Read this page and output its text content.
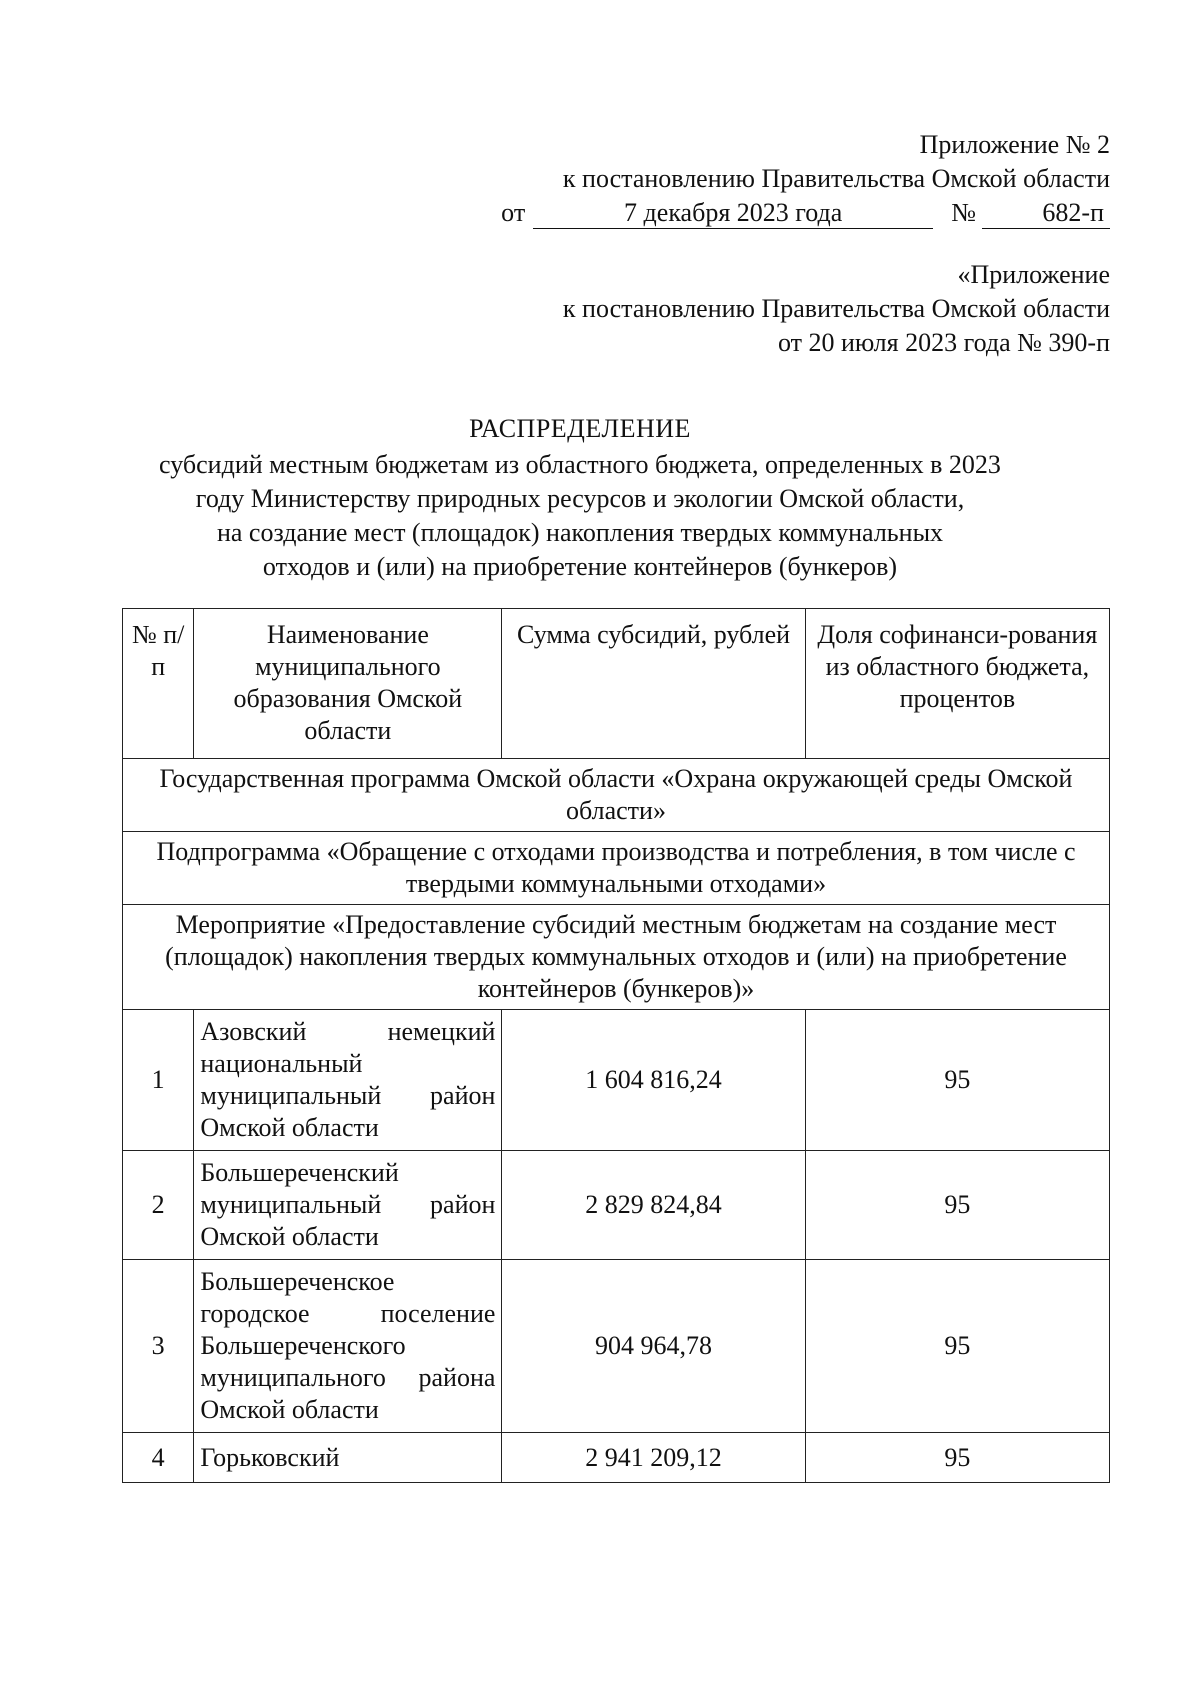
Приложение № 2
к постановлению Правительства Омской области
от	7 декабря 2023 года	№	682-п
«Приложение
к постановлению Правительства Омской области
от 20 июля 2023 года № 390-п
РАСПРЕДЕЛЕНИЕ
субсидий местным бюджетам из областного бюджета, определенных в 2023
году Министерству природных ресурсов и экологии Омской области,
на создание мест (площадок) накопления твердых коммунальных
отходов и (или) на приобретение контейнеров (бункеров)
№ п/п	Наименование муниципального образования Омской области	Сумма субсидий, рублей	Доля софинанси-рования из областного бюджета, процентов
Государственная программа Омской области «Охрана окружающей среды Омской области»			
Подпрограмма «Обращение с отходами производства и потребления, в том числе с твердыми коммунальными отходами»			
Мероприятие «Предоставление субсидий местным бюджетам на создание мест (площадок) накопления твердых коммунальных отходов и (или) на приобретение контейнеров (бункеров)»			
1	Азовский немецкий национальный муниципальный район Омской области	1 604 816,24	95
2	Большереченский муниципальный район Омской области	2 829 824,84	95
3	Большереченское городское поселение Большереченского муниципального района Омской области	904 964,78	95
4	Горьковский	2 941 209,12	95
